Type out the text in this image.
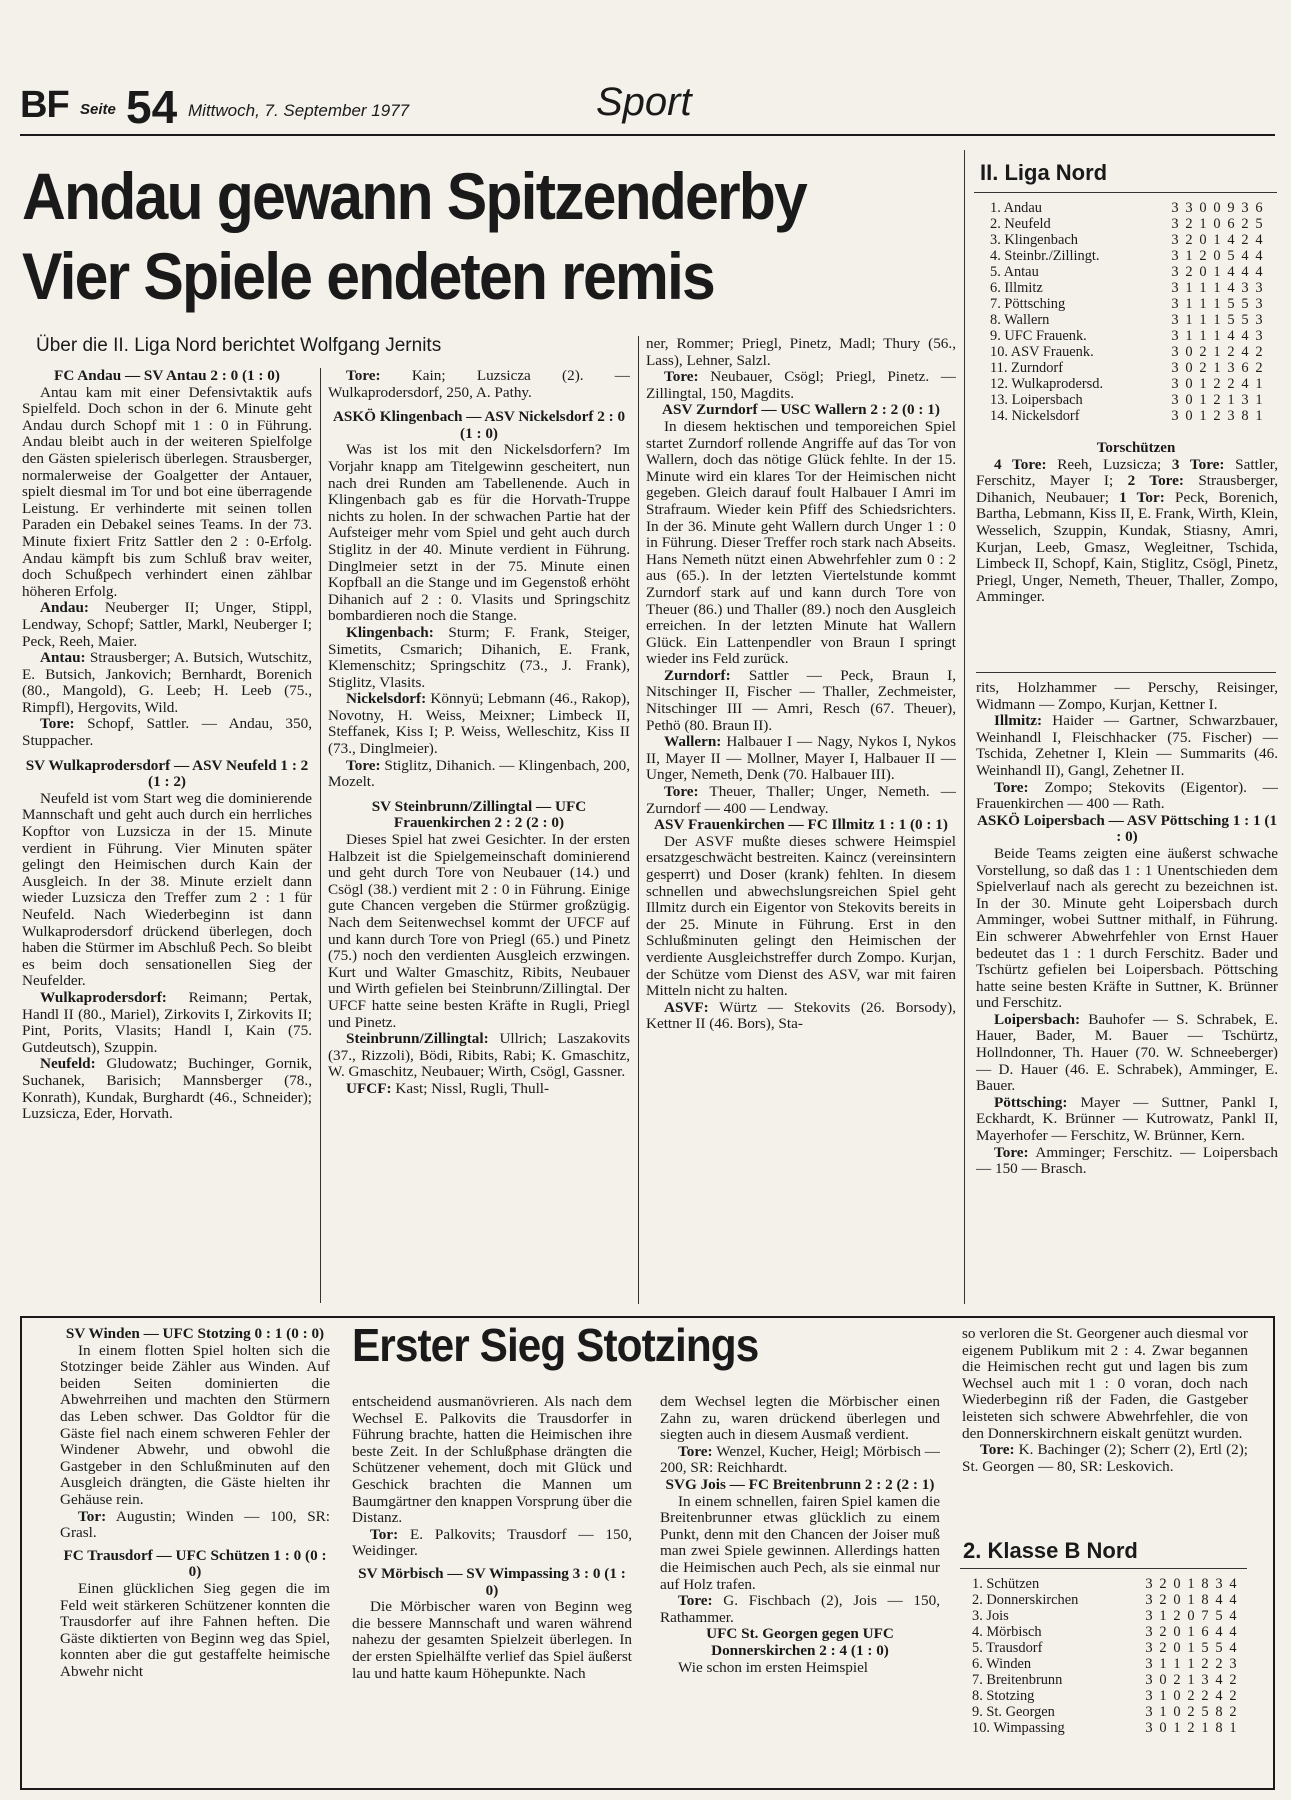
BF Seite 54 Mittwoch, 7. September 1977	Sport
Andau gewann Spitzenderby
Vier Spiele endeten remis
Über die II. Liga Nord berichtet Wolfgang Jernits

FC Andau — SV Antau 2 : 0 (1 : 0)

Antau kam mit einer Defensivtaktik aufs Spielfeld. Doch schon in der 6. Minute geht Andau durch Schopf mit 1 : 0 in Führung. Andau bleibt auch in der weiteren Spielfolge den Gästen spielerisch überlegen. Strausberger, normalerweise der Goalgetter der Antauer, spielt diesmal im Tor und bot eine überragende Leistung. Er verhinderte mit seinen tollen Paraden ein Debakel seines Teams. In der 73. Minute fixiert Fritz Sattler den 2 : 0-Erfolg. Andau kämpft bis zum Schluß brav weiter, doch Schußpech verhindert einen zählbar höheren Erfolg.

Andau: Neuberger II; Unger, Stippl, Lendway, Schopf; Sattler, Markl, Neuberger I; Peck, Reeh, Maier.

Antau: Strausberger; A. Butsich, Wutschitz, E. Butsich, Jankovich; Bernhardt, Borenich (80., Mangold), G. Leeb; H. Leeb (75., Rimpfl), Hergovits, Wild.

Tore: Schopf, Sattler. — Andau, 350, Stuppacher.

SV Wulkaprodersdorf — ASV Neufeld 1 : 2 (1 : 2)

Neufeld ist vom Start weg die dominierende Mannschaft und geht auch durch ein herrliches Kopftor von Luzsicza in der 15. Minute verdient in Führung. Vier Minuten später gelingt den Heimischen durch Kain der Ausgleich. In der 38. Minute erzielt dann wieder Luzsicza den Treffer zum 2 : 1 für Neufeld. Nach Wiederbeginn ist dann Wulkaprodersdorf drückend überlegen, doch haben die Stürmer im Abschluß Pech. So bleibt es beim doch sensationellen Sieg der Neufelder.

Wulkaprodersdorf: Reimann; Pertak, Handl II (80., Mariel), Zirkovits I, Zirkovits II; Pint, Porits, Vlasits; Handl I, Kain (75. Gutdeutsch), Szuppin.

Neufeld: Gludowatz; Buchinger, Gornik, Suchanek, Barisich; Mannsberger (78., Konrath), Kundak, Burghardt (46., Schneider); Luzsicza, Eder, Horvath.

Tore: Kain; Luzsicza (2). — Wulkaprodersdorf, 250, A. Pathy.

ASKÖ Klingenbach — ASV Nickelsdorf 2 : 0 (1 : 0)

Was ist los mit den Nickelsdorfern? Im Vorjahr knapp am Titelgewinn gescheitert, nun nach drei Runden am Tabellenende. Auch in Klingenbach gab es für die Horvath-Truppe nichts zu holen. In der schwachen Partie hat der Aufsteiger mehr vom Spiel und geht auch durch Stiglitz in der 40. Minute verdient in Führung. Dinglmeier setzt in der 75. Minute einen Kopfball an die Stange und im Gegenstoß erhöht Dihanich auf 2 : 0. Vlasits und Springschitz bombardieren noch die Stange.

Klingenbach: Sturm; F. Frank, Steiger, Simetits, Csmarich; Dihanich, E. Frank, Klemenschitz; Springschitz (73., J. Frank), Stiglitz, Vlasits.

Nickelsdorf: Könnyü; Lebmann (46., Rakop), Novotny, H. Weiss, Meixner; Limbeck II, Steffanek, Kiss I; P. Weiss, Welleschitz, Kiss II (73., Dinglmeier).

Tore: Stiglitz, Dihanich. — Klingenbach, 200, Mozelt.

SV Steinbrunn/Zillingtal — UFC Frauenkirchen 2 : 2 (2 : 0)

Dieses Spiel hat zwei Gesichter. In der ersten Halbzeit ist die Spielgemeinschaft dominierend und geht durch Tore von Neubauer (14.) und Csögl (38.) verdient mit 2 : 0 in Führung. Einige gute Chancen vergeben die Stürmer großzügig. Nach dem Seitenwechsel kommt der UFCF auf und kann durch Tore von Priegl (65.) und Pinetz (75.) noch den verdienten Ausgleich erzwingen. Kurt und Walter Gmaschitz, Ribits, Neubauer und Wirth gefielen bei Steinbrunn/Zillingtal. Der UFCF hatte seine besten Kräfte in Rugli, Priegl und Pinetz.

Steinbrunn/Zillingtal: Ullrich; Laszakovits (37., Rizzoli), Bödi, Ribits, Rabi; K. Gmaschitz, W. Gmaschitz, Neubauer; Wirth, Csögl, Gassner.

UFCF: Kast; Nissl, Rugli, Thull-

ner, Rommer; Priegl, Pinetz, Madl; Thury (56., Lass), Lehner, Salzl.

Tore: Neubauer, Csögl; Priegl, Pinetz. — Zillingtal, 150, Magdits.

ASV Zurndorf — USC Wallern 2 : 2 (0 : 1)

In diesem hektischen und temporeichen Spiel startet Zurndorf rollende Angriffe auf das Tor von Wallern, doch das nötige Glück fehlte. In der 15. Minute wird ein klares Tor der Heimischen nicht gegeben. Gleich darauf foult Halbauer I Amri im Strafraum. Wieder kein Pfiff des Schiedsrichters. In der 36. Minute geht Wallern durch Unger 1 : 0 in Führung. Dieser Treffer roch stark nach Abseits. Hans Nemeth nützt einen Abwehrfehler zum 0 : 2 aus (65.). In der letzten Viertelstunde kommt Zurndorf stark auf und kann durch Tore von Theuer (86.) und Thaller (89.) noch den Ausgleich erreichen. In der letzten Minute hat Wallern Glück. Ein Lattenpendler von Braun I springt wieder ins Feld zurück.

Zurndorf: Sattler — Peck, Braun I, Nitschinger II, Fischer — Thaller, Zechmeister, Nitschinger III — Amri, Resch (67. Theuer), Pethö (80. Braun II).

Wallern: Halbauer I — Nagy, Nykos I, Nykos II, Mayer II — Mollner, Mayer I, Halbauer II — Unger, Nemeth, Denk (70. Halbauer III).

Tore: Theuer, Thaller; Unger, Nemeth. — Zurndorf — 400 — Lendway.

ASV Frauenkirchen — FC Illmitz 1 : 1 (0 : 1)

Der ASVF mußte dieses schwere Heimspiel ersatzgeschwächt bestreiten. Kaincz (vereinsintern gesperrt) und Doser (krank) fehlten. In diesem schnellen und abwechslungsreichen Spiel geht Illmitz durch ein Eigentor von Stekovits bereits in der 25. Minute in Führung. Erst in den Schlußminuten gelingt den Heimischen der verdiente Ausgleichstreffer durch Zompo. Kurjan, der Schütze vom Dienst des ASV, war mit fairen Mitteln nicht zu halten.

ASVF: Würtz — Stekovits (26. Borsody), Kettner II (46. Bors), Sta-

II. Liga Nord
1. Andau	3	3	0	0	9	3	6
2. Neufeld	3	2	1	0	6	2	5
3. Klingenbach	3	2	0	1	4	2	4
4. Steinbr./Zillingt.	3	1	2	0	5	4	4
5. Antau	3	2	0	1	4	4	4
6. Illmitz	3	1	1	1	4	3	3
7. Pöttsching	3	1	1	1	5	5	3
8. Wallern	3	1	1	1	5	5	3
9. UFC Frauenk.	3	1	1	1	4	4	3
10. ASV Frauenk.	3	0	2	1	2	4	2
11. Zurndorf	3	0	2	1	3	6	2
12. Wulkaprodersd.	3	0	1	2	2	4	1
13. Loipersbach	3	0	1	2	1	3	1
14. Nickelsdorf	3	0	1	2	3	8	1

Torschützen

4 Tore: Reeh, Luzsicza; 3 Tore: Sattler, Ferschitz, Mayer I; 2 Tore: Strausberger, Dihanich, Neubauer; 1 Tor: Peck, Borenich, Bartha, Lebmann, Kiss II, E. Frank, Wirth, Klein, Wesselich, Szuppin, Kundak, Stiasny, Amri, Kurjan, Leeb, Gmasz, Wegleitner, Tschida, Limbeck II, Schopf, Kain, Stiglitz, Csögl, Pinetz, Priegl, Unger, Nemeth, Theuer, Thaller, Zompo, Amminger.

rits, Holzhammer — Perschy, Reisinger, Widmann — Zompo, Kurjan, Kettner I.

Illmitz: Haider — Gartner, Schwarzbauer, Weinhandl I, Fleischhacker (75. Fischer) — Tschida, Zehetner I, Klein — Summarits (46. Weinhandl II), Gangl, Zehetner II.

Tore: Zompo; Stekovits (Eigentor). — Frauenkirchen — 400 — Rath.

ASKÖ Loipersbach — ASV Pöttsching 1 : 1 (1 : 0)

Beide Teams zeigten eine äußerst schwache Vorstellung, so daß das 1 : 1 Unentschieden dem Spielverlauf nach als gerecht zu bezeichnen ist. In der 30. Minute geht Loipersbach durch Amminger, wobei Suttner mithalf, in Führung. Ein schwerer Abwehrfehler von Ernst Hauer bedeutet das 1 : 1 durch Ferschitz. Bader und Tschürtz gefielen bei Loipersbach. Pöttsching hatte seine besten Kräfte in Suttner, K. Brünner und Ferschitz.

Loipersbach: Bauhofer — S. Schrabek, E. Hauer, Bader, M. Bauer — Tschürtz, Hollndonner, Th. Hauer (70. W. Schneeberger) — D. Hauer (46. E. Schrabek), Amminger, E. Bauer.

Pöttsching: Mayer — Suttner, Pankl I, Eckhardt, K. Brünner — Kutrowatz, Pankl II, Mayerhofer — Ferschitz, W. Brünner, Kern.

Tore: Amminger; Ferschitz. — Loipersbach — 150 — Brasch.

Erster Sieg Stotzings

SV Winden — UFC Stotzing 0 : 1 (0 : 0)

In einem flotten Spiel holten sich die Stotzinger beide Zähler aus Winden. Auf beiden Seiten dominierten die Abwehrreihen und machten den Stürmern das Leben schwer. Das Goldtor für die Gäste fiel nach einem schweren Fehler der Windener Abwehr, und obwohl die Gastgeber in den Schlußminuten auf den Ausgleich drängten, die Gäste hielten ihr Gehäuse rein.

Tor: Augustin; Winden — 100, SR: Grasl.

FC Trausdorf — UFC Schützen 1 : 0 (0 : 0)

Einen glücklichen Sieg gegen die im Feld weit stärkeren Schützener konnten die Trausdorfer auf ihre Fahnen heften. Die Gäste diktierten von Beginn weg das Spiel, konnten aber die gut gestaffelte heimische Abwehr nicht

entscheidend ausmanövrieren. Als nach dem Wechsel E. Palkovits die Trausdorfer in Führung brachte, hatten die Heimischen ihre beste Zeit. In der Schlußphase drängten die Schützener vehement, doch mit Glück und Geschick brachten die Mannen um Baumgärtner den knappen Vorsprung über die Distanz.

Tor: E. Palkovits; Trausdorf — 150, Weidinger.

SV Mörbisch — SV Wimpassing 3 : 0 (1 : 0)

Die Mörbischer waren von Beginn weg die bessere Mannschaft und waren während nahezu der gesamten Spielzeit überlegen. In der ersten Spielhälfte verlief das Spiel äußerst lau und hatte kaum Höhepunkte. Nach

dem Wechsel legten die Mörbischer einen Zahn zu, waren drückend überlegen und siegten auch in diesem Ausmaß verdient.

Tore: Wenzel, Kucher, Heigl; Mörbisch — 200, SR: Reichhardt.

SVG Jois — FC Breitenbrunn 2 : 2 (2 : 1)

In einem schnellen, fairen Spiel kamen die Breitenbrunner etwas glücklich zu einem Punkt, denn mit den Chancen der Joiser muß man zwei Spiele gewinnen. Allerdings hatten die Heimischen auch Pech, als sie einmal nur auf Holz trafen.

Tore: G. Fischbach (2), Jois — 150, Rathammer.

UFC St. Georgen gegen UFC Donnerskirchen 2 : 4 (1 : 0)

Wie schon im ersten Heimspiel

so verloren die St. Georgener auch diesmal vor eigenem Publikum mit 2 : 4. Zwar begannen die Heimischen recht gut und lagen bis zum Wechsel auch mit 1 : 0 voran, doch nach Wiederbeginn riß der Faden, die Gastgeber leisteten sich schwere Abwehrfehler, die von den Donnerskirchnern eiskalt genützt wurden.

Tore: K. Bachinger (2); Scherr (2), Ertl (2); St. Georgen — 80, SR: Leskovich.

2. Klasse B Nord
1. Schützen	3	2	0	1	8	3	4
2. Donnerskirchen	3	2	0	1	8	4	4
3. Jois	3	1	2	0	7	5	4
4. Mörbisch	3	2	0	1	6	4	4
5. Trausdorf	3	2	0	1	5	5	4
6. Winden	3	1	1	1	2	2	3
7. Breitenbrunn	3	0	2	1	3	4	2
8. Stotzing	3	1	0	2	2	4	2
9. St. Georgen	3	1	0	2	5	8	2
10. Wimpassing	3	0	1	2	1	8	1
